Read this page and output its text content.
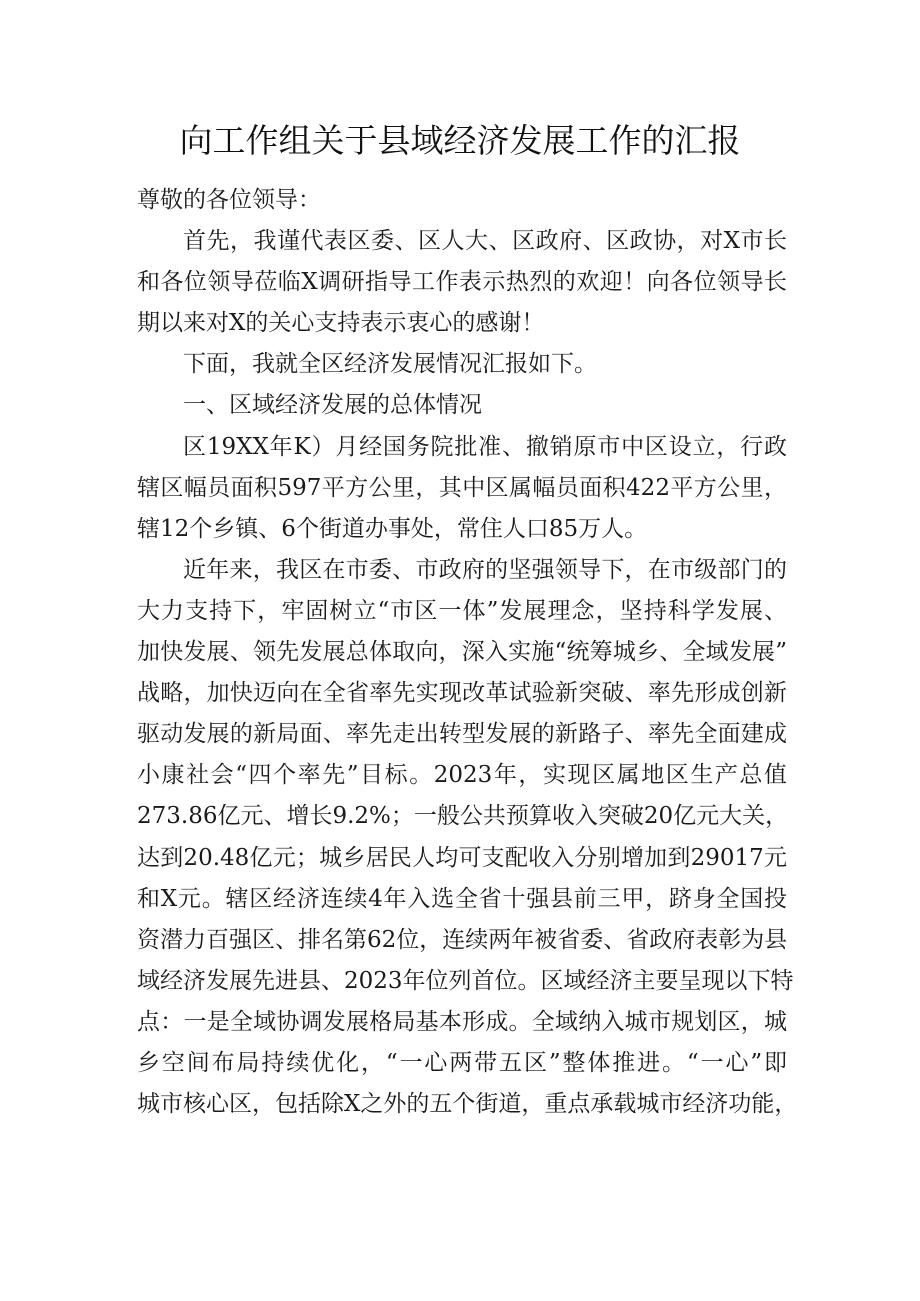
向工作组关于县域经济发展工作的汇报

尊敬的各位领导：

首先，我谨代表区委、区人大、区政府、区政协，对X市长
和各位领导莅临X调研指导工作表示热烈的欢迎！向各位领导长
期以来对X的关心支持表示衷心的感谢！

下面，我就全区经济发展情况汇报如下。

一、区域经济发展的总体情况

区19XX年K）月经国务院批准、撤销原市中区设立，行政
辖区幅员面积597平方公里，其中区属幅员面积422平方公里，
辖12个乡镇、6个街道办事处，常住人口85万人。

近年来，我区在市委、市政府的坚强领导下，在市级部门的
大力支持下，牢固树立“市区一体”发展理念，坚持科学发展、
加快发展、领先发展总体取向，深入实施“统筹城乡、全域发展”
战略，加快迈向在全省率先实现改革试验新突破、率先形成创新
驱动发展的新局面、率先走出转型发展的新路子、率先全面建成
小康社会“四个率先”目标。2023年，实现区属地区生产总值
273.86亿元、增长9.2%；一般公共预算收入突破20亿元大关，
达到20.48亿元；城乡居民人均可支配收入分别增加到29017元
和X元。辖区经济连续4年入选全省十强县前三甲，跻身全国投
资潜力百强区、排名第62位，连续两年被省委、省政府表彰为县
域经济发展先进县、2023年位列首位。区域经济主要呈现以下特
点：一是全域协调发展格局基本形成。全域纳入城市规划区，城
乡空间布局持续优化，“一心两带五区”整体推进。“一心”即
城市核心区，包括除X之外的五个街道，重点承载城市经济功能，
